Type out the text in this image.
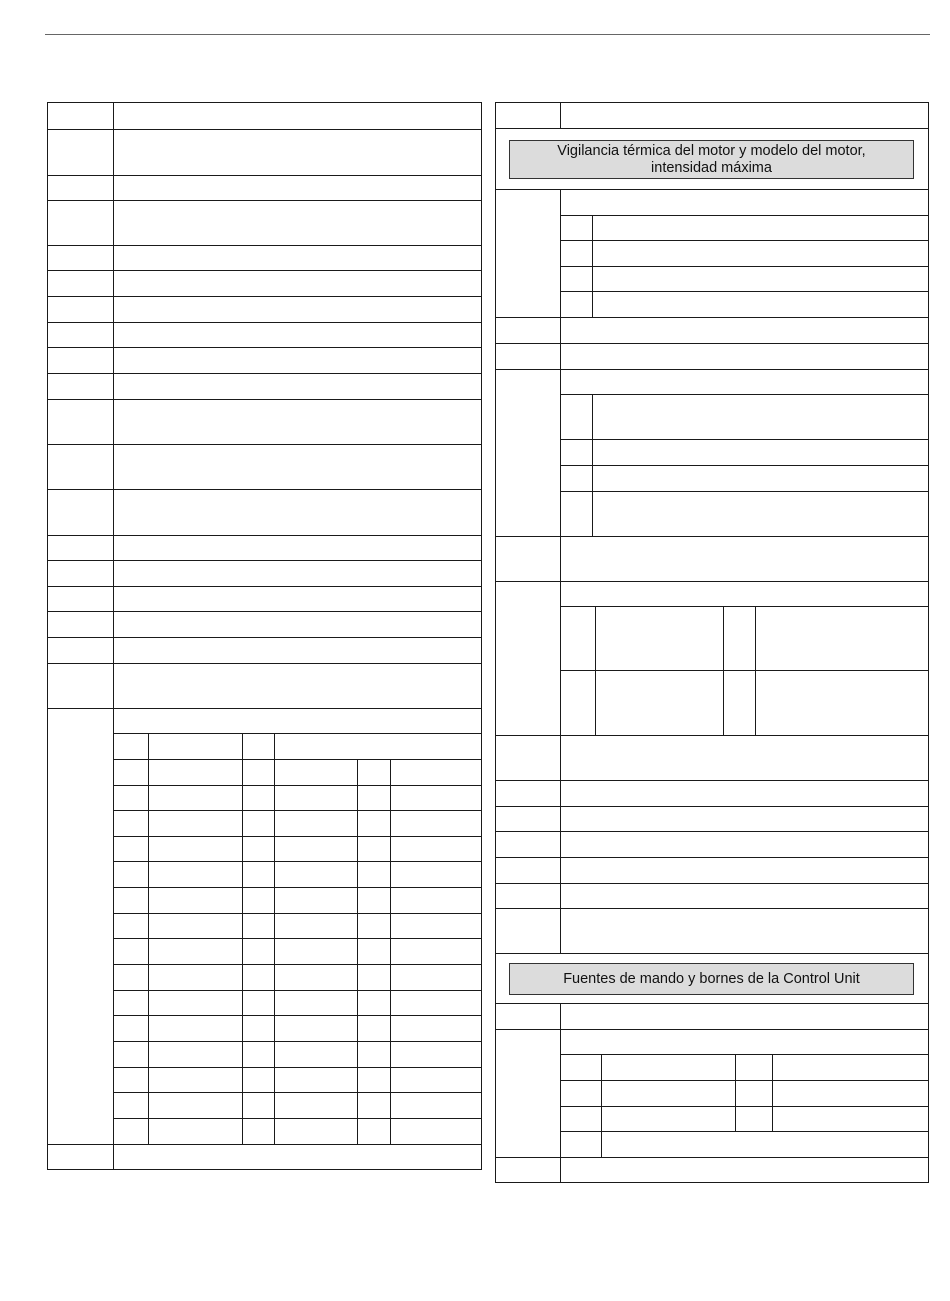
Vigilancia térmica del motor y modelo del motor,
intensidad máxima
Fuentes de mando y bornes de la Control Unit
